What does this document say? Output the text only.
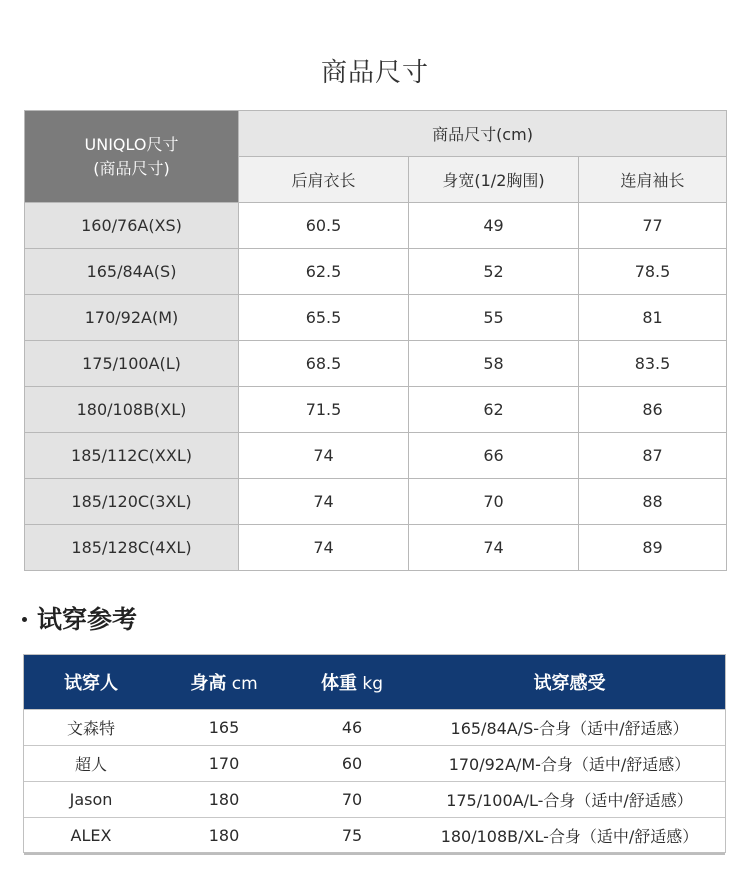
商品尺寸
UNIQLO尺寸
(商品尺寸)	商品尺寸(cm)		
	后肩衣长	身宽(1/2胸围)	连肩袖长
160/76A(XS)	60.5	49	77
165/84A(S)	62.5	52	78.5
170/92A(M)	65.5	55	81
175/100A(L)	68.5	58	83.5
180/108B(XL)	71.5	62	86
185/112C(XXL)	74	66	87
185/120C(3XL)	74	70	88
185/128C(4XL)	74	74	89
试穿参考
试穿人	身高 cm	体重 kg	试穿感受
文森特	165	46	165/84A/S-合身（适中/舒适感）
超人	170	60	170/92A/M-合身（适中/舒适感）
Jason	180	70	175/100A/L-合身（适中/舒适感）
ALEX	180	75	180/108B/XL-合身（适中/舒适感）
